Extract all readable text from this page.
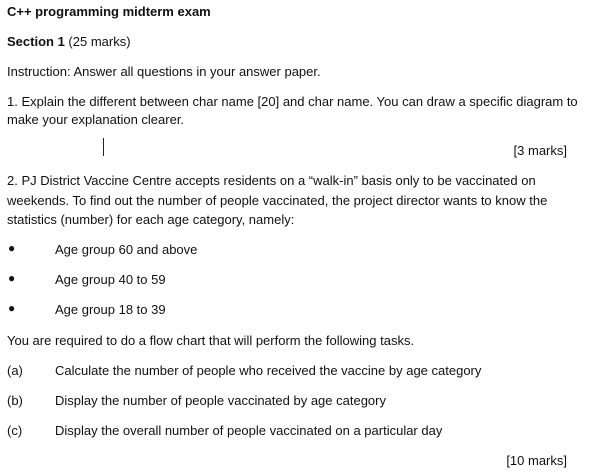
C++ programming midterm exam
Section 1 (25 marks)
Instruction: Answer all questions in your answer paper.
1. Explain the different between char name [20] and char name. You can draw a specific diagram to
make your explanation clearer.
[3 marks]
2. PJ District Vaccine Centre accepts residents on a “walk-in” basis only to be vaccinated on
weekends. To find out the number of people vaccinated, the project director wants to know the
statistics (number) for each age category, namely:
●	Age group 60 and above
●	Age group 40 to 59
●	Age group 18 to 39
You are required to do a flow chart that will perform the following tasks.
(a) Calculate the number of people who received the vaccine by age category
(b) Display the number of people vaccinated by age category
(c)	Display the overall number of people vaccinated on a particular day
[10 marks]
